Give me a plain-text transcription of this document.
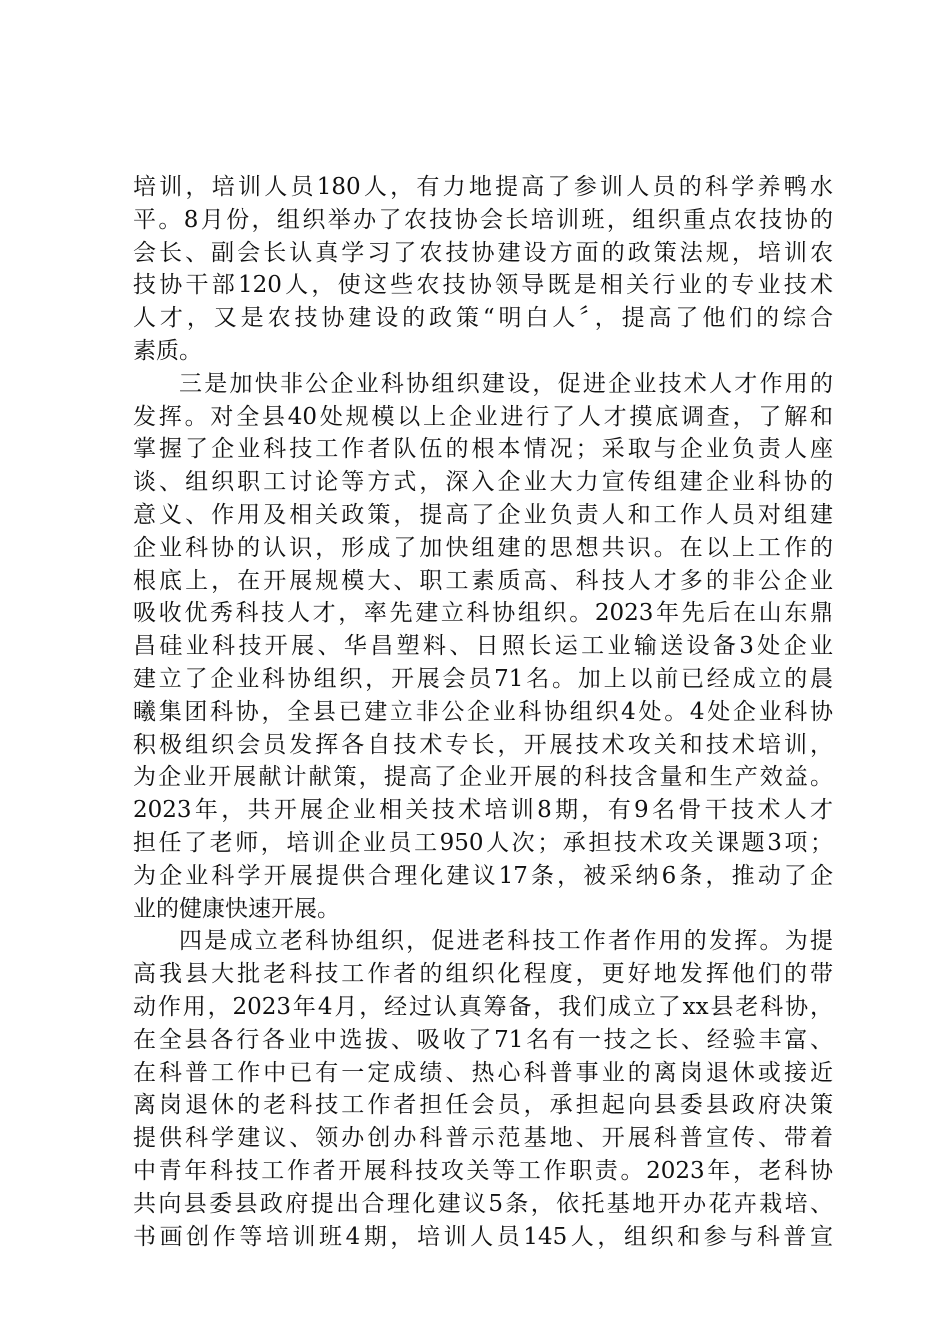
培训，培训人员180人，有力地提高了参训人员的科学养鸭水
平。8月份，组织举办了农技协会长培训班，组织重点农技协的
会长、副会长认真学习了农技协建设方面的政策法规，培训农
技协干部120人，使这些农技协领导既是相关行业的专业技术
人才，又是农技协建设的政策“明白人〞，提高了他们的综合
素质。
三是加快非公企业科协组织建设，促进企业技术人才作用的
发挥。对全县40处规模以上企业进行了人才摸底调查，了解和
掌握了企业科技工作者队伍的根本情况；采取与企业负责人座
谈、组织职工讨论等方式，深入企业大力宣传组建企业科协的
意义、作用及相关政策，提高了企业负责人和工作人员对组建
企业科协的认识，形成了加快组建的思想共识。在以上工作的
根底上，在开展规模大、职工素质高、科技人才多的非公企业
吸收优秀科技人才，率先建立科协组织。2023年先后在山东鼎
昌硅业科技开展、华昌塑料、日照长运工业输送设备3处企业
建立了企业科协组织，开展会员71名。加上以前已经成立的晨
曦集团科协，全县已建立非公企业科协组织4处。4处企业科协
积极组织会员发挥各自技术专长，开展技术攻关和技术培训，
为企业开展献计献策，提高了企业开展的科技含量和生产效益。
2023年，共开展企业相关技术培训8期，有9名骨干技术人才
担任了老师，培训企业员工950人次；承担技术攻关课题3项；
为企业科学开展提供合理化建议17条，被采纳6条，推动了企
业的健康快速开展。
四是成立老科协组织，促进老科技工作者作用的发挥。为提
高我县大批老科技工作者的组织化程度，更好地发挥他们的带
动作用，2023年4月，经过认真筹备，我们成立了xx县老科协，
在全县各行各业中选拔、吸收了71名有一技之长、经验丰富、
在科普工作中已有一定成绩、热心科普事业的离岗退休或接近
离岗退休的老科技工作者担任会员，承担起向县委县政府决策
提供科学建议、领办创办科普示范基地、开展科普宣传、带着
中青年科技工作者开展科技攻关等工作职责。2023年，老科协
共向县委县政府提出合理化建议5条，依托基地开办花卉栽培、
书画创作等培训班4期，培训人员145人，组织和参与科普宣
